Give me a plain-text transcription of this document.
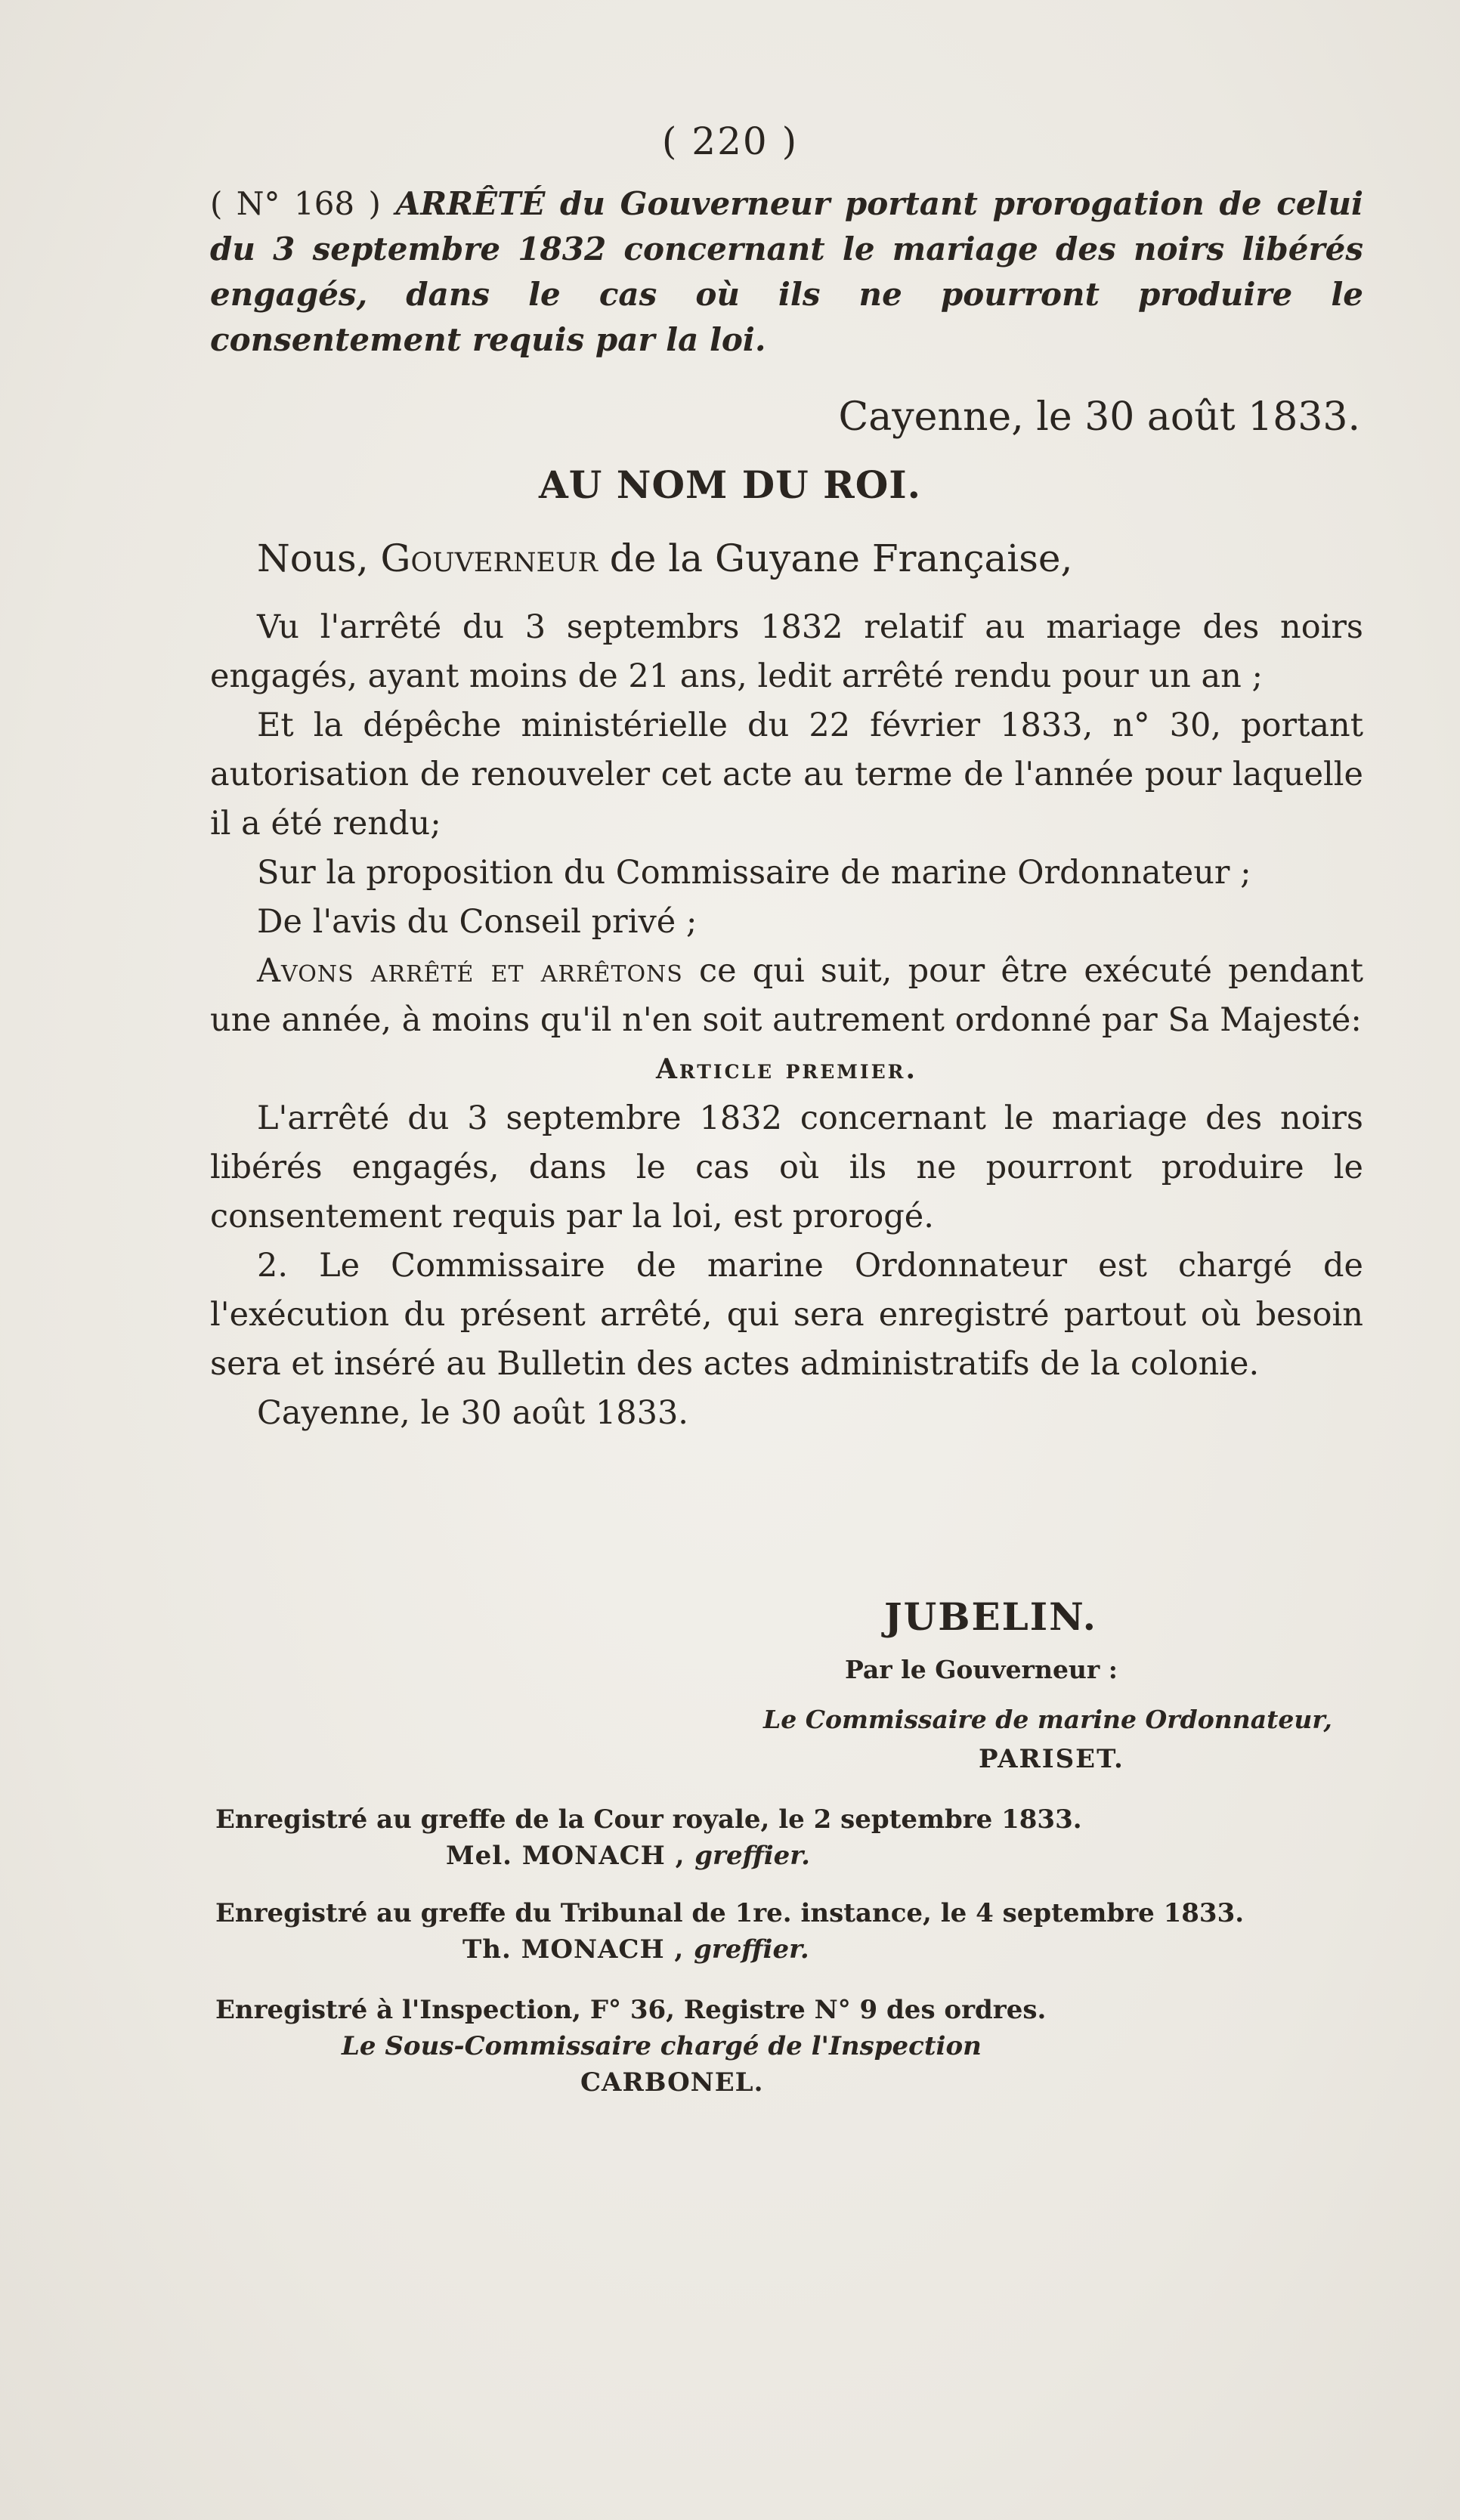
( 220 )
( N° 168 ) ARRÊTÉ du Gouverneur portant prorogation de celui du 3 septembre 1832 concernant le mariage des noirs libérés engagés, dans le cas où ils ne pourront produire le consentement requis par la loi.
Cayenne, le 30 août 1833.
AU NOM DU ROI.
Nous, Gouverneur de la Guyane Française,

Vu l'arrêté du 3 septembrs 1832 relatif au mariage des noirs engagés, ayant moins de 21 ans, ledit arrêté rendu pour un an ;

Et la dépêche ministérielle du 22 février 1833, n° 30, portant autorisation de renouveler cet acte au terme de l'année pour laquelle il a été rendu;

Sur la proposition du Commissaire de marine Ordonnateur ;

De l'avis du Conseil privé ;

Avons arrêté et arrêtons ce qui suit, pour être exécuté pendant une année, à moins qu'il n'en soit autrement ordonné par Sa Majesté:

Article premier.

L'arrêté du 3 septembre 1832 concernant le mariage des noirs libérés engagés, dans le cas où ils ne pourront produire le consentement requis par la loi, est prorogé.

2. Le Commissaire de marine Ordonnateur est chargé de l'exécution du présent arrêté, qui sera enregistré partout où besoin sera et inséré au Bulletin des actes administratifs de la colonie.

Cayenne, le 30 août 1833.

JUBELIN.
Par le Gouverneur :
Le Commissaire de marine Ordonnateur,
PARISET.
Enregistré au greffe de la Cour royale, le 2 septembre 1833.
Mel. MONACH , greffier.
Enregistré au greffe du Tribunal de 1re. instance, le 4 septembre 1833.
Th. MONACH , greffier.
Enregistré à l'Inspection, F° 36, Registre N° 9 des ordres.
Le Sous-Commissaire chargé de l'Inspection
CARBONEL.
